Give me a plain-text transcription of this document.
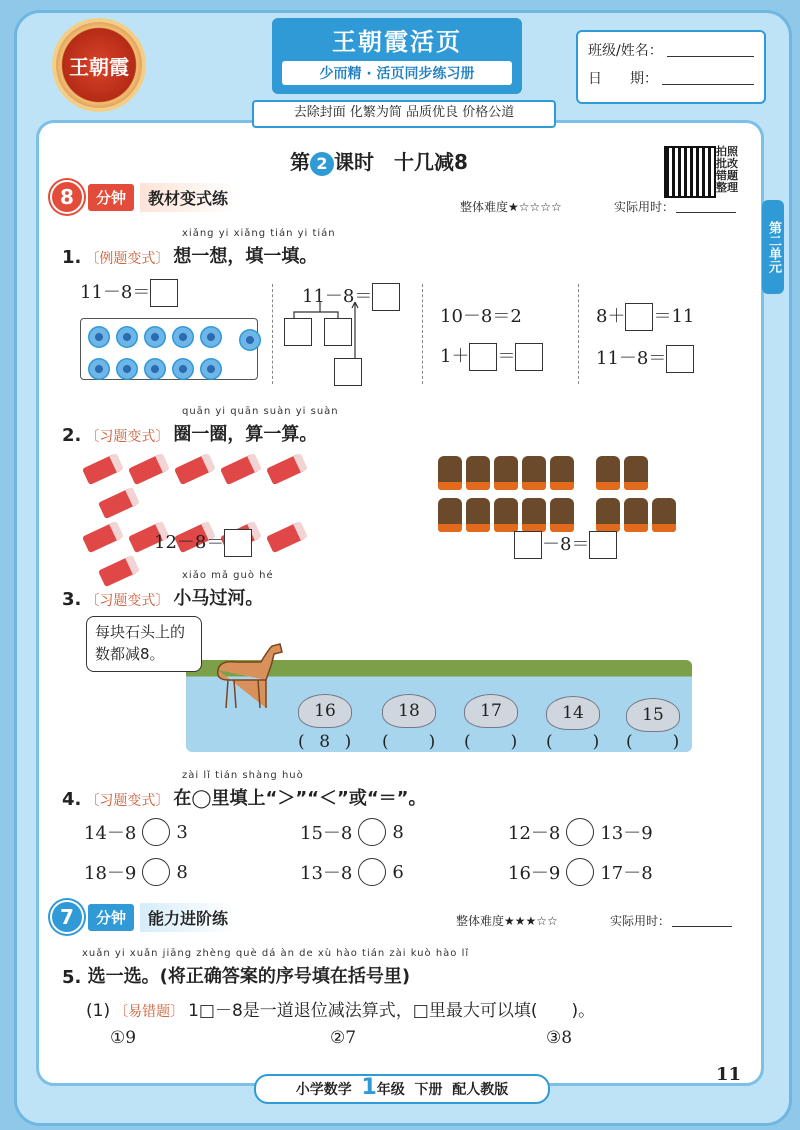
王朝霞
王朝霞活页
少而精 · 活页同步练习册
去除封面 化繁为简 品质优良 价格公道
班级/姓名：
日　　期：
第 2 课时　十几减8	拍照批改 错题整理
第二单元
8	分钟	教材变式练	整体难度★☆☆☆☆	实际用时：
xiǎng yi xiǎng tián yi tián
1. 〔例题变式〕 想一想，填一填。
11－8＝
	11－8＝
10－8＝2
1＋ ＝
8＋ ＝11
11－8＝
quān yi quān suàn yi suàn
2. 〔习题变式〕 圈一圈，算一算。

12－8＝	－8＝
xiǎo mǎ guò hé
3. 〔习题变式〕 小马过河。
每块石头上的数都减8。
16	18	17	14	15
( 8 ) ( ) ( ) ( ) ( )
zài lǐ tián shàng huò
4. 〔习题变式〕 在◯里填上“＞”“＜”或“＝”。
14－8 3	15－8 8	12－8 13－9
18－9 8	13－8 6	16－9 17－8
7	分钟	能力进阶练	整体难度★★★☆☆	实际用时：
xuǎn yi xuǎn jiāng zhèng què dá àn de xù hào tián zài kuò hào lǐ
5.
选一选。(将正确答案的序号填在括号里)
(1) 〔易错题〕 1□－8是一道退位减法算式，□里最大可以填(　　)。
①9	②7	③8
小学数学 1年级 下册 配人教版
11
